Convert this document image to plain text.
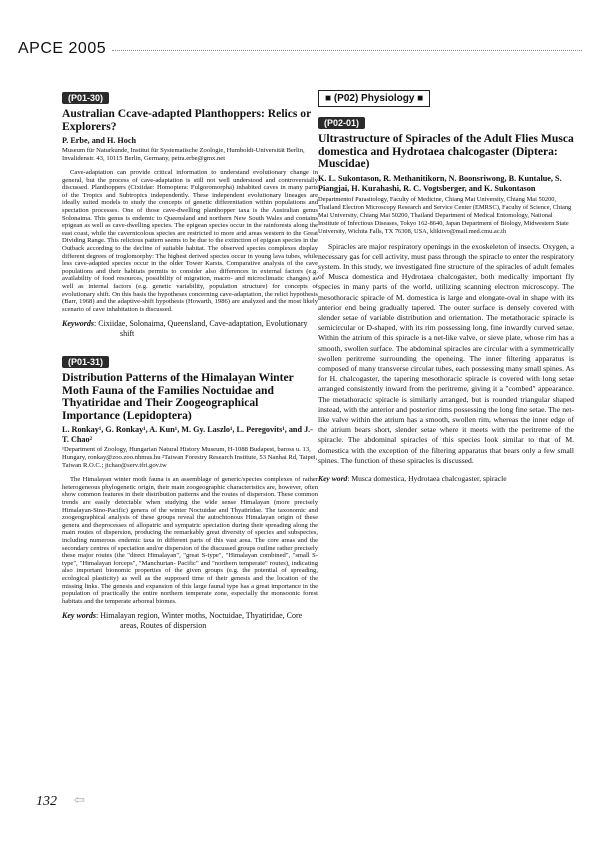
APCE 2005
(P01-30)
Australian Ccave-adapted Planthoppers: Relics or Explorers?
P. Erbe, and H. Hoch
Museum für Naturkunde, Institut für Systematische Zoologie, Humboldt-Universität Berlin, Invalidenstr. 43, 10115 Berlin, Germany, petra.erbe@gmx.net
Cave-adaptation can provide critical information to understand evolutionary change in general, but the process of cave-adaptation is still not well understood and controversially discussed. Planthoppers (Cixiidae: Homoptera: Fulgoromorpha) inhabited caves in many parts of the Tropics and Subtropics independently. These independent evolutionary lineages are ideally suited models to study the concepts of genetic differentiation within populations and speciation processes. One of those cave-dwelling planthopper taxa is the Australian genus Solonaima. This genus is endemic to Queensland and northern New South Wales and contains epigean as well as cave-dwelling species. The epigean species occur in the rainforests along the east coast, while the cavernicolous species are restricted to more arid areas western to the Great Dividing Range. This relictous pattern seems to be due to the extinction of epigean species in the Outback according to the decline of suitable habitat. The observed species complexes display different degrees of troglomorphy: The highest derived species occur in young lava tubes, while less cave-adapted species occur in the older Tower Karsts. Comparative analysis of the cave populations and their habitats permits to consider also differences in external factors (e.g. availability of food resources, possibility of migration, macro- and microclimatic changes) as well as internal factors (e.g. genetic variability, population structure) for concepts of evolutionary shift. On this basis the hypotheses concerning cave-adaptation, the relict hypothesis (Barr, 1968) and the adaptive-shift hypothesis (Howarth, 1986) are analyzed and the most likely scenario of cave inhabitation is discussed.
Keywords: Cixiidae, Solonaima, Queensland, Cave-adaptation, Evolutionary shift
(P01-31)
Distribution Patterns of the Himalayan Winter Moth Fauna of the Families Noctuidae and Thyatiridae and Their Zoogeographical Importance (Lepidoptera)
L. Ronkay¹, G. Ronkay¹, A. Kun¹, M. Gy. Laszlo¹, L. Peregovits¹, and J.-T. Chao²
¹Department of Zoology, Hungarian Natural History Museum, H-1088 Budapest, baross u. 13, Hungary, ronkay@zoo.zoo.nhmus.hu ²Taiwan Forestry Research Institute, 53 Nanhai Rd, Taipei, Taiwan R.O.C.; jtchao@serv.tfri.gov.tw
The Himalayan winter moth fauna is an assemblage of generic/species complexes of rather heterogeneous phylogenetic origin, their main zoogeographic characteristics are, however, often show common features in their distribution patterns and the routes of dispersion. These common trends are easily detectable when studying the wide sense Himalayan (more precisely Himalayan-Sino-Pacific) genera of the winter Noctuidae and Thyatiridae. The taxonomic and zoogeographical analysis of these groups reveal the autochtonous Himalayan origin of these genera and theprocesses of allopatric and sympatric speciation during their spreading along the main routes of dispersion, producing the remarkably great diversity of species and subspecies, including numerous endemic taxa in different parts of this vast area. The core areas and the secondary centres of speciation and/or dispersion of the discussed groups outline rather precisely these major routes (the "direct Himalayan", "great S-type", "Himalayan combined", "small S-type", "Himalayan forceps", "Manchurian- Pacific" and "northern temperate" routes), indicating also important bionomic properties of the given groups (e.g. the potential of spreading, ecological plasticity) as well as the supposed time of their genesis and the location of the missing links. The genesis and expansion of this large faunal type has a great importance in the population of practically the entire northern temperate zone, especially the monsoonic forest habitats and the temperate arboreal biomes.
Key words: Himalayan region, Winter moths, Noctuidae, Thyatiridae, Core areas, Routes of dispersion
■ (P02) Physiology ■
(P02-01)
Ultrastructure of Spiracles of the Adult Flies Musca domestica and Hydrotaea chalcogaster (Diptera: Muscidae)
K. L. Sukontason, R. Methanitikorn, N. Boonsriwong, B. Kuntalue, S. Piangjai, H. Kurahashi, R. C. Vogtsberger, and K. Sukontason
Departmentof Parasitology, Faculty of Medicine, Chiang Mai University, Chiang Mai 50200, Thailand Electron Microscopy Research and Service Center (EMRSC), Faculty of Science, Chiang Mai University, Chiang Mai 50200, Thailand Department of Medical Entomology, National Institute of Infectious Diseases, Tokyo 162-8640, Japan Department of Biology, Midwestern State University, Wichita Falls, TX 76308, USA, klikitvo@mail.med.cmu.ac.th
Spiracles are major respiratory openings in the exoskeleton of insects. Oxygen, a necessary gas for cell activity, must pass through the spiracle to enter the respiratory system. In this study, we investigated fine structure of the spiracles of adult females of Musca domestica and Hydrotaea chalcogaster, both medically important fly species in many parts of the world, utilizing scanning electron microscopy. The mesothoracic spiracle of M. domestica is large and elongate-oval in shape with its anterior end being gradually tapered. The outer surface is densely covered with slender setae of variable distribution and orientation. The metathoracic spiracle is semicircular or D-shaped, with its rim possessing long, fine inwardly curved setae. Within the atrium of this spiracle is a net-like valve, or sieve plate, whose rim has a smooth, swollen surface. The abdominal spiracles are circular with a symmetrically swollen peritreme surrounding the openeing. The inner filtering apparatus is composed of many transverse circular tubes, each possessing many small spines. As for H. chalcogaster, the tapering mesothoracic spiracle is covered with long setae arranged consistently inward from the peritreme, giving it a "combed" appearance. The metathoracic spiracle is similarly arranged, but is rounded triangular shaped instead, with the anterior and posterior rims possessing the long fine setae. The net-like valve within the atrium has a smooth, swollen rim, whereas the inner edge of the atrium bears short, slender setae where it meets with the peritreme of the spiracle. The abdominal spiracles of this species look similar to that of M. domestica with the exception of the filtering apparatus that bears only a few small spines. The function of these spiracles is discussed.
Key word: Musca domestica, Hydrotaea chalcogaster, spiracle
132 ⇦
